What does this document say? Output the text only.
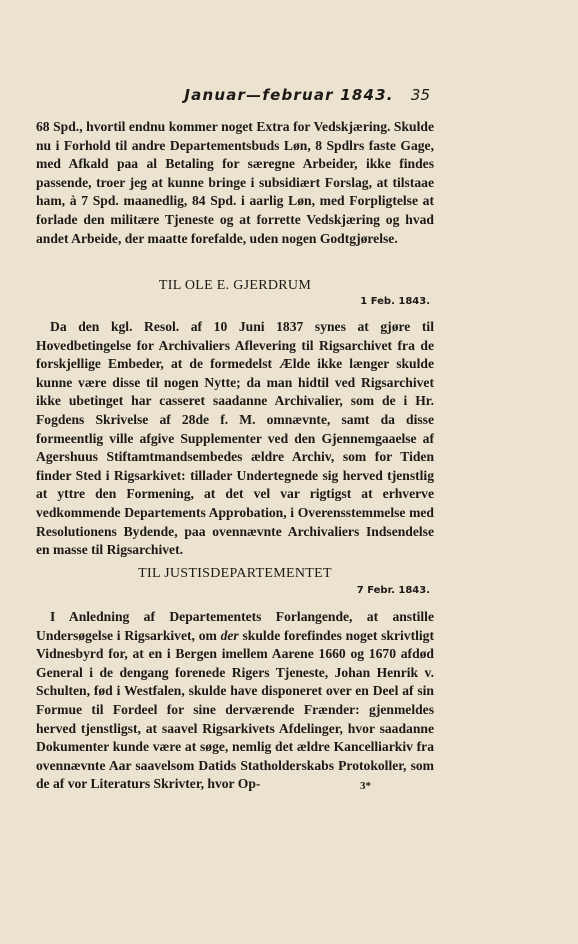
Januar—februar 1843.	35

68 Spd., hvortil endnu kommer noget Extra for Vedskjæring. Skulde nu i Forhold til andre Departementsbuds Løn, 8 Spdlrs faste Gage, med Afkald paa al Betaling for særegne Arbeider, ikke findes passende, troer jeg at kunne bringe i subsidiært Forslag, at tilstaae ham, à 7 Spd. maanedlig, 84 Spd. i aarlig Løn, med Forpligtelse at forlade den militære Tjeneste og at forrette Vedskjæring og hvad andet Arbeide, der maatte forefalde, uden nogen Godtgjørelse.

TIL OLE E. GJERDRUM
1 Feb. 1843.

Da den kgl. Resol. af 10 Juni 1837 synes at gjøre til Hovedbetingelse for Archivaliers Aflevering til Rigsarchivet fra de forskjellige Embeder, at de formedelst Ælde ikke længer skulde kunne være disse til nogen Nytte; da man hidtil ved Rigsarchivet ikke ubetinget har casseret saadanne Archivalier, som de i Hr. Fogdens Skrivelse af 28de f. M. omnævnte, samt da disse formeentlig ville afgive Supplementer ved den Gjennemgaaelse af Agershuus Stiftamtmandsembedes ældre Archiv, som for Tiden finder Sted i Rigsarkivet: tillader Undertegnede sig herved tjenstlig at yttre den Formening, at det vel var rigtigst at erhverve vedkommende Departements Approbation, i Overensstemmelse med Resolutionens Bydende, paa ovennævnte Archivaliers Indsendelse en masse til Rigsarchivet.

TIL JUSTISDEPARTEMENTET
7 Febr. 1843.

I Anledning af Departementets Forlangende, at anstille Undersøgelse i Rigsarkivet, om der skulde forefindes noget skrivtligt Vidnesbyrd for, at en i Bergen imellem Aarene 1660 og 1670 afdød General i de dengang forenede Rigers Tjeneste, Johan Henrik v. Schulten, fød i Westfalen, skulde have disponeret over en Deel af sin Formue til Fordeel for sine derværende Frænder: gjenmeldes herved tjenstligst, at saavel Rigsarkivets Afdelinger, hvor saadanne Dokumenter kunde være at søge, nemlig det ældre Kancelliarkiv fra ovennævnte Aar saavelsom Datids Statholderskabs Protokoller, som de af vor Literaturs Skrivter, hvor Op-	3*
